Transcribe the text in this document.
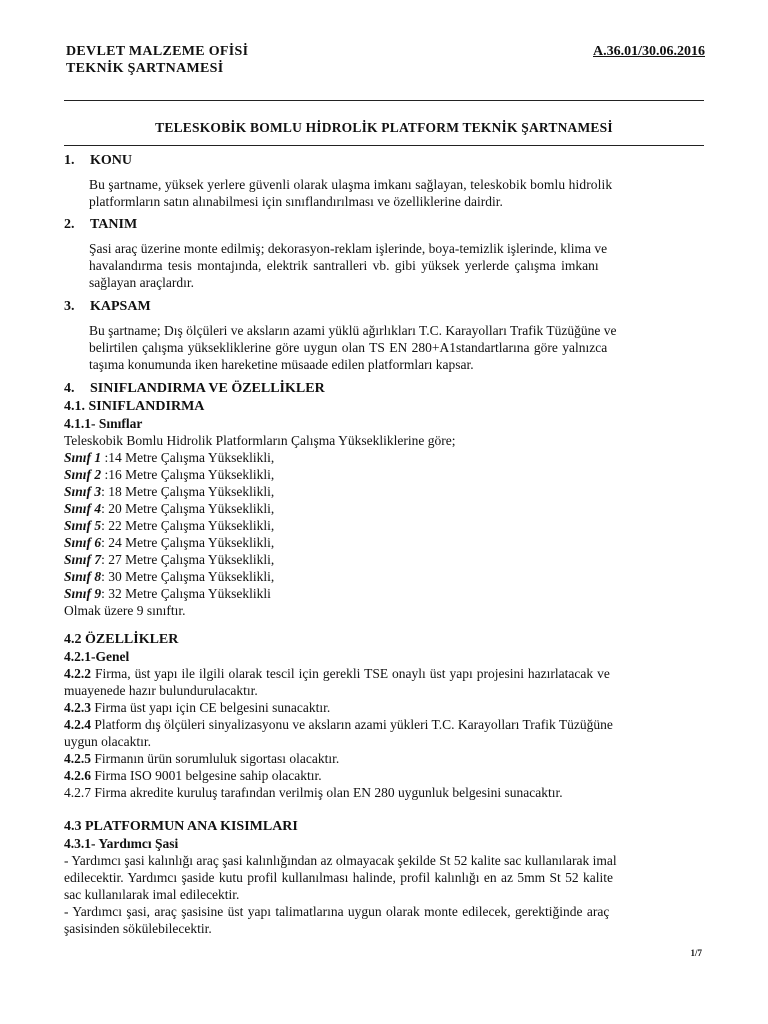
DEVLET MALZEME OFİSİ
TEKNİK ŞARTNAMESİ
A.36.01/30.06.2016
TELESKOBİK BOMLU HİDROLİK PLATFORM TEKNİK ŞARTNAMESİ
1. KONU
Bu şartname, yüksek yerlere güvenli olarak ulaşma imkanı sağlayan, teleskobik bomlu hidrolik
platformların satın alınabilmesi için sınıflandırılması ve özelliklerine dairdir.
2. TANIM
Şasi araç üzerine monte edilmiş; dekorasyon-reklam işlerinde, boya-temizlik işlerinde, klima ve
havalandırma tesis montajında, elektrik santralleri vb. gibi yüksek yerlerde çalışma imkanı
sağlayan araçlardır.
3. KAPSAM
Bu şartname; Dış ölçüleri ve aksların azami yüklü ağırlıkları T.C. Karayolları Trafik Tüzüğüne ve
belirtilen çalışma yüksekliklerine göre uygun olan TS EN 280+A1standartlarına göre yalnızca
taşıma konumunda iken hareketine müsaade edilen platformları kapsar.
4. SINIFLANDIRMA VE ÖZELLİKLER
4.1. SINIFLANDIRMA
4.1.1- Sınıflar
Teleskobik Bomlu Hidrolik Platformların Çalışma Yüksekliklerine göre;
Sınıf 1 :14 Metre Çalışma Yükseklikli,
Sınıf 2 :16 Metre Çalışma Yükseklikli,
Sınıf 3: 18 Metre Çalışma Yükseklikli,
Sınıf 4: 20 Metre Çalışma Yükseklikli,
Sınıf 5: 22 Metre Çalışma Yükseklikli,
Sınıf 6: 24 Metre Çalışma Yükseklikli,
Sınıf 7: 27 Metre Çalışma Yükseklikli,
Sınıf 8: 30 Metre Çalışma Yükseklikli,
Sınıf 9: 32 Metre Çalışma Yükseklikli
Olmak üzere 9 sınıftır.
4.2 ÖZELLİKLER
4.2.1-Genel
4.2.2 Firma, üst yapı ile ilgili olarak tescil için gerekli TSE onaylı üst yapı projesini hazırlatacak ve
muayenede hazır bulundurulacaktır.
4.2.3 Firma üst yapı için CE belgesini sunacaktır.
4.2.4 Platform dış ölçüleri sinyalizasyonu ve aksların azami yükleri T.C. Karayolları Trafik Tüzüğüne
uygun olacaktır.
4.2.5 Firmanın ürün sorumluluk sigortası olacaktır.
4.2.6 Firma ISO 9001 belgesine sahip olacaktır.
4.2.7 Firma akredite kuruluş tarafından verilmiş olan EN 280 uygunluk belgesini sunacaktır.
4.3 PLATFORMUN ANA KISIMLARI
4.3.1- Yardımcı Şasi
- Yardımcı şasi kalınlığı araç şasi kalınlığından az olmayacak şekilde St 52 kalite sac kullanılarak imal
edilecektir. Yardımcı şaside kutu profil kullanılması halinde, profil kalınlığı en az 5mm St 52 kalite
sac kullanılarak imal edilecektir.
- Yardımcı şasi, araç şasisine üst yapı talimatlarına uygun olarak monte edilecek, gerektiğinde araç
şasisinden sökülebilecektir.
1/7
